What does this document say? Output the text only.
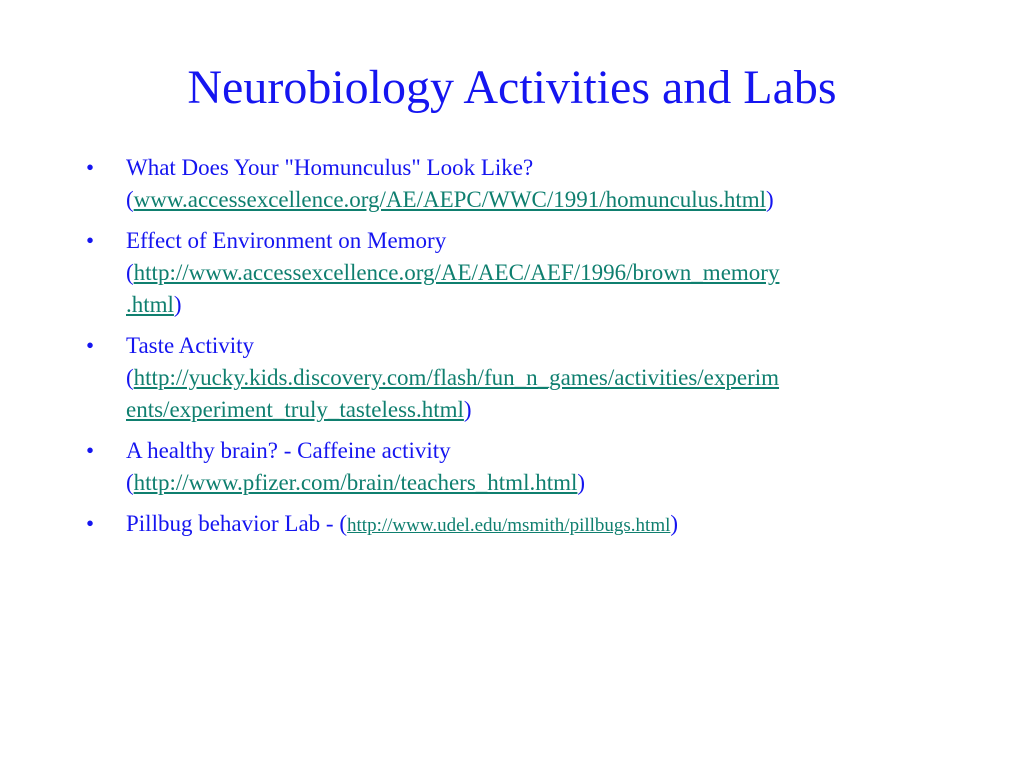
Neurobiology Activities and Labs
•	What Does Your "Homunculus" Look Like?
(www.accessexcellence.org/AE/AEPC/WWC/1991/homunculus.html)
•	Effect of Environment on Memory
(http://www.accessexcellence.org/AE/AEC/AEF/1996/brown_memory
.html)
•	Taste Activity
(http://yucky.kids.discovery.com/flash/fun_n_games/activities/experim
ents/experiment_truly_tasteless.html)
•	A healthy brain? - Caffeine activity
(http://www.pfizer.com/brain/teachers_html.html)
•	Pillbug behavior Lab - (http://www.udel.edu/msmith/pillbugs.html)
